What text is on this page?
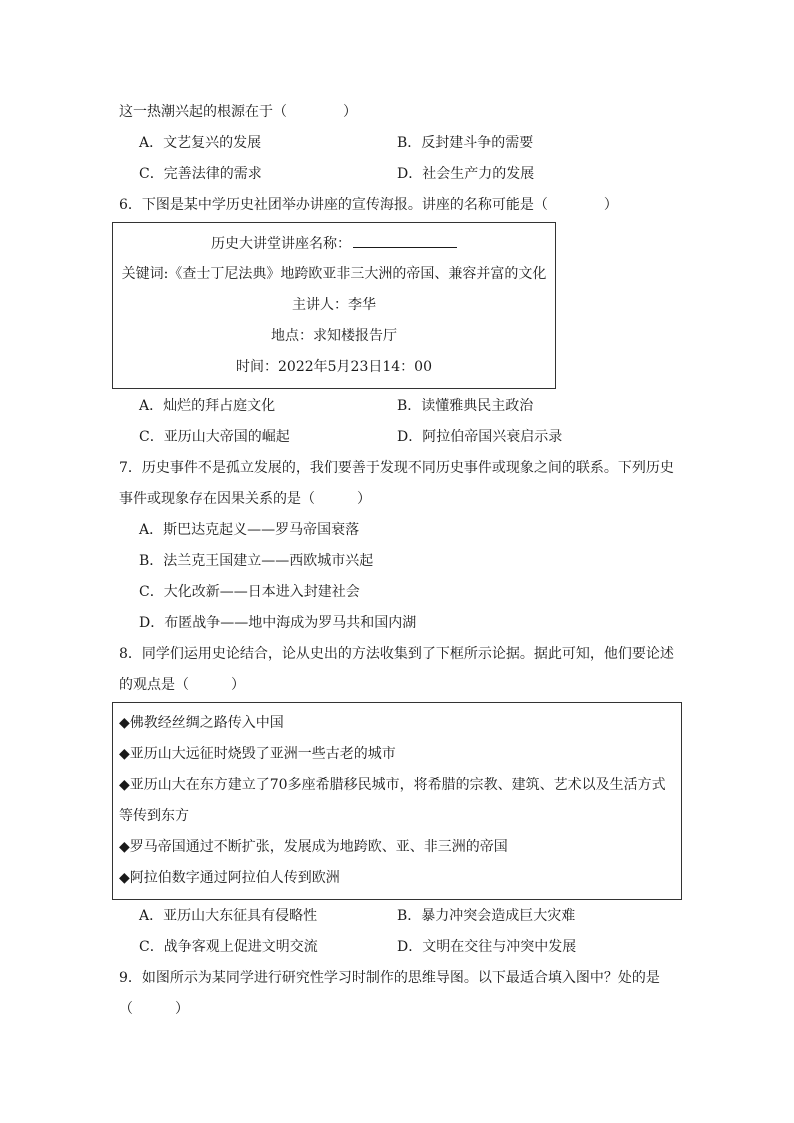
这一热潮兴起的根源在于（　　　　）
A．文艺复兴的发展	B．反封建斗争的需要
C．完善法律的需求	D．社会生产力的发展
6．下图是某中学历史社团举办讲座的宣传海报。讲座的名称可能是（　　　　）
历史大讲堂讲座名称：
关键词:《查士丁尼法典》地跨欧亚非三大洲的帝国、兼容并富的文化
主讲人：李华
地点：求知楼报告厅
时间：2022年5月23日14：00
A．灿烂的拜占庭文化	B．读懂雅典民主政治
C．亚历山大帝国的崛起	D．阿拉伯帝国兴衰启示录
7．历史事件不是孤立发展的，我们要善于发现不同历史事件或现象之间的联系。下列历史
事件或现象存在因果关系的是（　　　）
A．斯巴达克起义——罗马帝国衰落
B．法兰克王国建立——西欧城市兴起
C．大化改新——日本进入封建社会
D．布匿战争——地中海成为罗马共和国内湖
8．同学们运用史论结合，论从史出的方法收集到了下框所示论据。据此可知，他们要论述
的观点是（　　　）
◆佛教经丝绸之路传入中国
◆亚历山大远征时烧毁了亚洲一些古老的城市
◆亚历山大在东方建立了70多座希腊移民城市，将希腊的宗教、建筑、艺术以及生活方式
等传到东方
◆罗马帝国通过不断扩张，发展成为地跨欧、亚、非三洲的帝国
◆阿拉伯数字通过阿拉伯人传到欧洲
A．亚历山大东征具有侵略性	B．暴力冲突会造成巨大灾难
C．战争客观上促进文明交流	D．文明在交往与冲突中发展
9．如图所示为某同学进行研究性学习时制作的思维导图。以下最适合填入图中？处的是
（　　　）
